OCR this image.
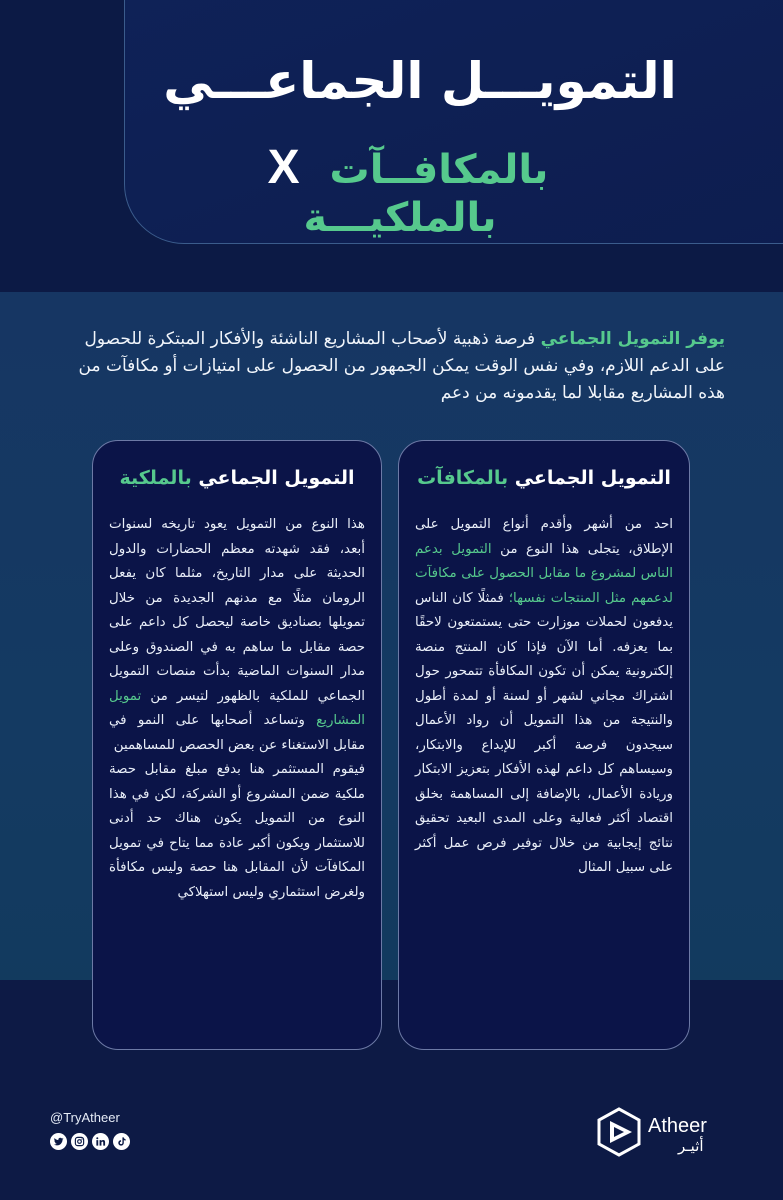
التمويـــل الجماعـــي
بالمكافــآت X بالملكيـــة

يوفر التمويل الجماعي فرصة ذهبية لأصحاب المشاريع الناشئة والأفكار المبتكرة للحصول على الدعم اللازم، وفي نفس الوقت يمكن الجمهور من الحصول على امتيازات أو مكافآت من هذه المشاريع مقابلا لما يقدمونه من دعم

التمويل الجماعي بالمكافآت

احد من أشهر وأقدم أنواع التمويل على الإطلاق، يتجلى هذا النوع من التمويل بدعم الناس لمشروع ما مقابل الحصول على مكافآت لدعمهم مثل المنتجات نفسها؛ فمثلًا كان الناس يدفعون لحملات موزارت حتى يستمتعون لاحقًا بما يعزفه. أما الآن فإذا كان المنتج منصة إلكترونية يمكن أن تكون المكافأة تتمحور حول اشتراك مجاني لشهر أو لسنة أو لمدة أطول والنتيجة من هذا التمويل أن رواد الأعمال سيجدون فرصة أكبر للإبداع والابتكار، وسيساهم كل داعم لهذه الأفكار بتعزيز الابتكار وريادة الأعمال، بالإضافة إلى المساهمة بخلق اقتصاد أكثر فعالية وعلى المدى البعيد تحقيق نتائج إيجابية من خلال توفير فرص عمل أكثر على سبيل المثال

التمويل الجماعي بالملكية

هذا النوع من التمويل يعود تاريخه لسنوات أبعد، فقد شهدته معظم الحضارات والدول الحديثة على مدار التاريخ، مثلما كان يفعل الرومان مثلًا مع مدنهم الجديدة من خلال تمويلها بصناديق خاصة ليحصل كل داعم على حصة مقابل ما ساهم به في الصندوق وعلى مدار السنوات الماضية بدأت منصات التمويل الجماعي للملكية بالظهور لتيسر من تمويل المشاريع وتساعد أصحابها على النمو في مقابل الاستغناء عن بعض الحصص للمساهمين

فيقوم المستثمر هنا بدفع مبلغ مقابل حصة ملكية ضمن المشروع أو الشركة، لكن في هذا النوع من التمويل يكون هناك حد أدنى للاستثمار ويكون أكبر عادة مما يتاح في تمويل المكافآت لأن المقابل هنا حصة وليس مكافأة ولغرض استثماري وليس استهلاكي

@TryAtheer	Atheer
أثيـر
